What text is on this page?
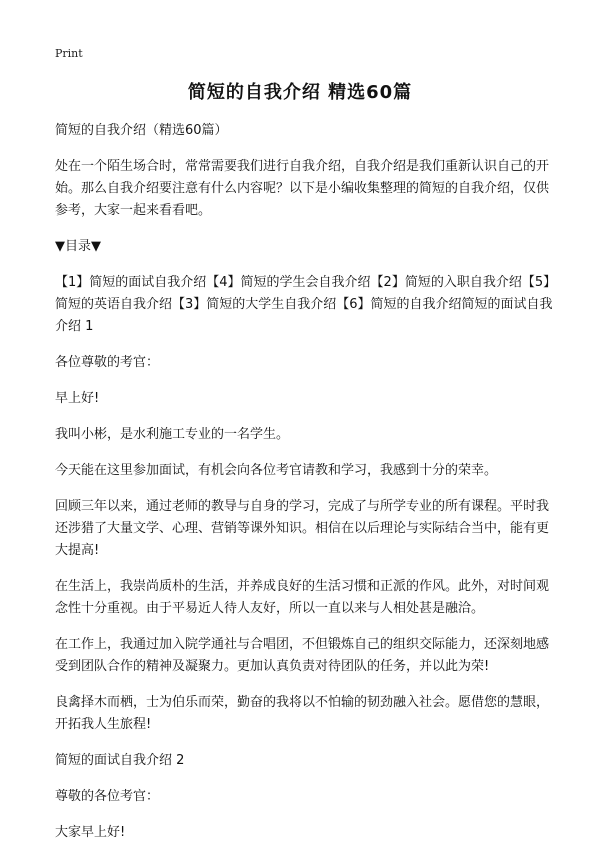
Print
简短的自我介绍 精选60篇

简短的自我介绍（精选60篇）

处在一个陌生场合时，常常需要我们进行自我介绍，自我介绍是我们重新认识自己的开始。那么自我介绍要注意有什么内容呢？以下是小编收集整理的简短的自我介绍，仅供参考，大家一起来看看吧。

▼目录▼

【1】简短的面试自我介绍【4】简短的学生会自我介绍【2】简短的入职自我介绍【5】简短的英语自我介绍【3】简短的大学生自我介绍【6】简短的自我介绍简短的面试自我介绍 1

各位尊敬的考官：

早上好!

我叫小彬，是水利施工专业的一名学生。

今天能在这里参加面试，有机会向各位考官请教和学习，我感到十分的荣幸。

回顾三年以来，通过老师的教导与自身的学习，完成了与所学专业的所有课程。平时我还涉猎了大量文学、心理、营销等课外知识。相信在以后理论与实际结合当中，能有更大提高!

在生活上，我崇尚质朴的生活，并养成良好的生活习惯和正派的作风。此外，对时间观念性十分重视。由于平易近人待人友好，所以一直以来与人相处甚是融洽。

在工作上，我通过加入院学通社与合唱团，不但锻炼自己的组织交际能力，还深刻地感受到团队合作的精神及凝聚力。更加认真负责对待团队的任务，并以此为荣!

良禽择木而栖，士为伯乐而荣，勤奋的我将以不怕输的韧劲融入社会。愿借您的慧眼，开拓我人生旅程!

简短的面试自我介绍 2

尊敬的各位考官：

大家早上好!
